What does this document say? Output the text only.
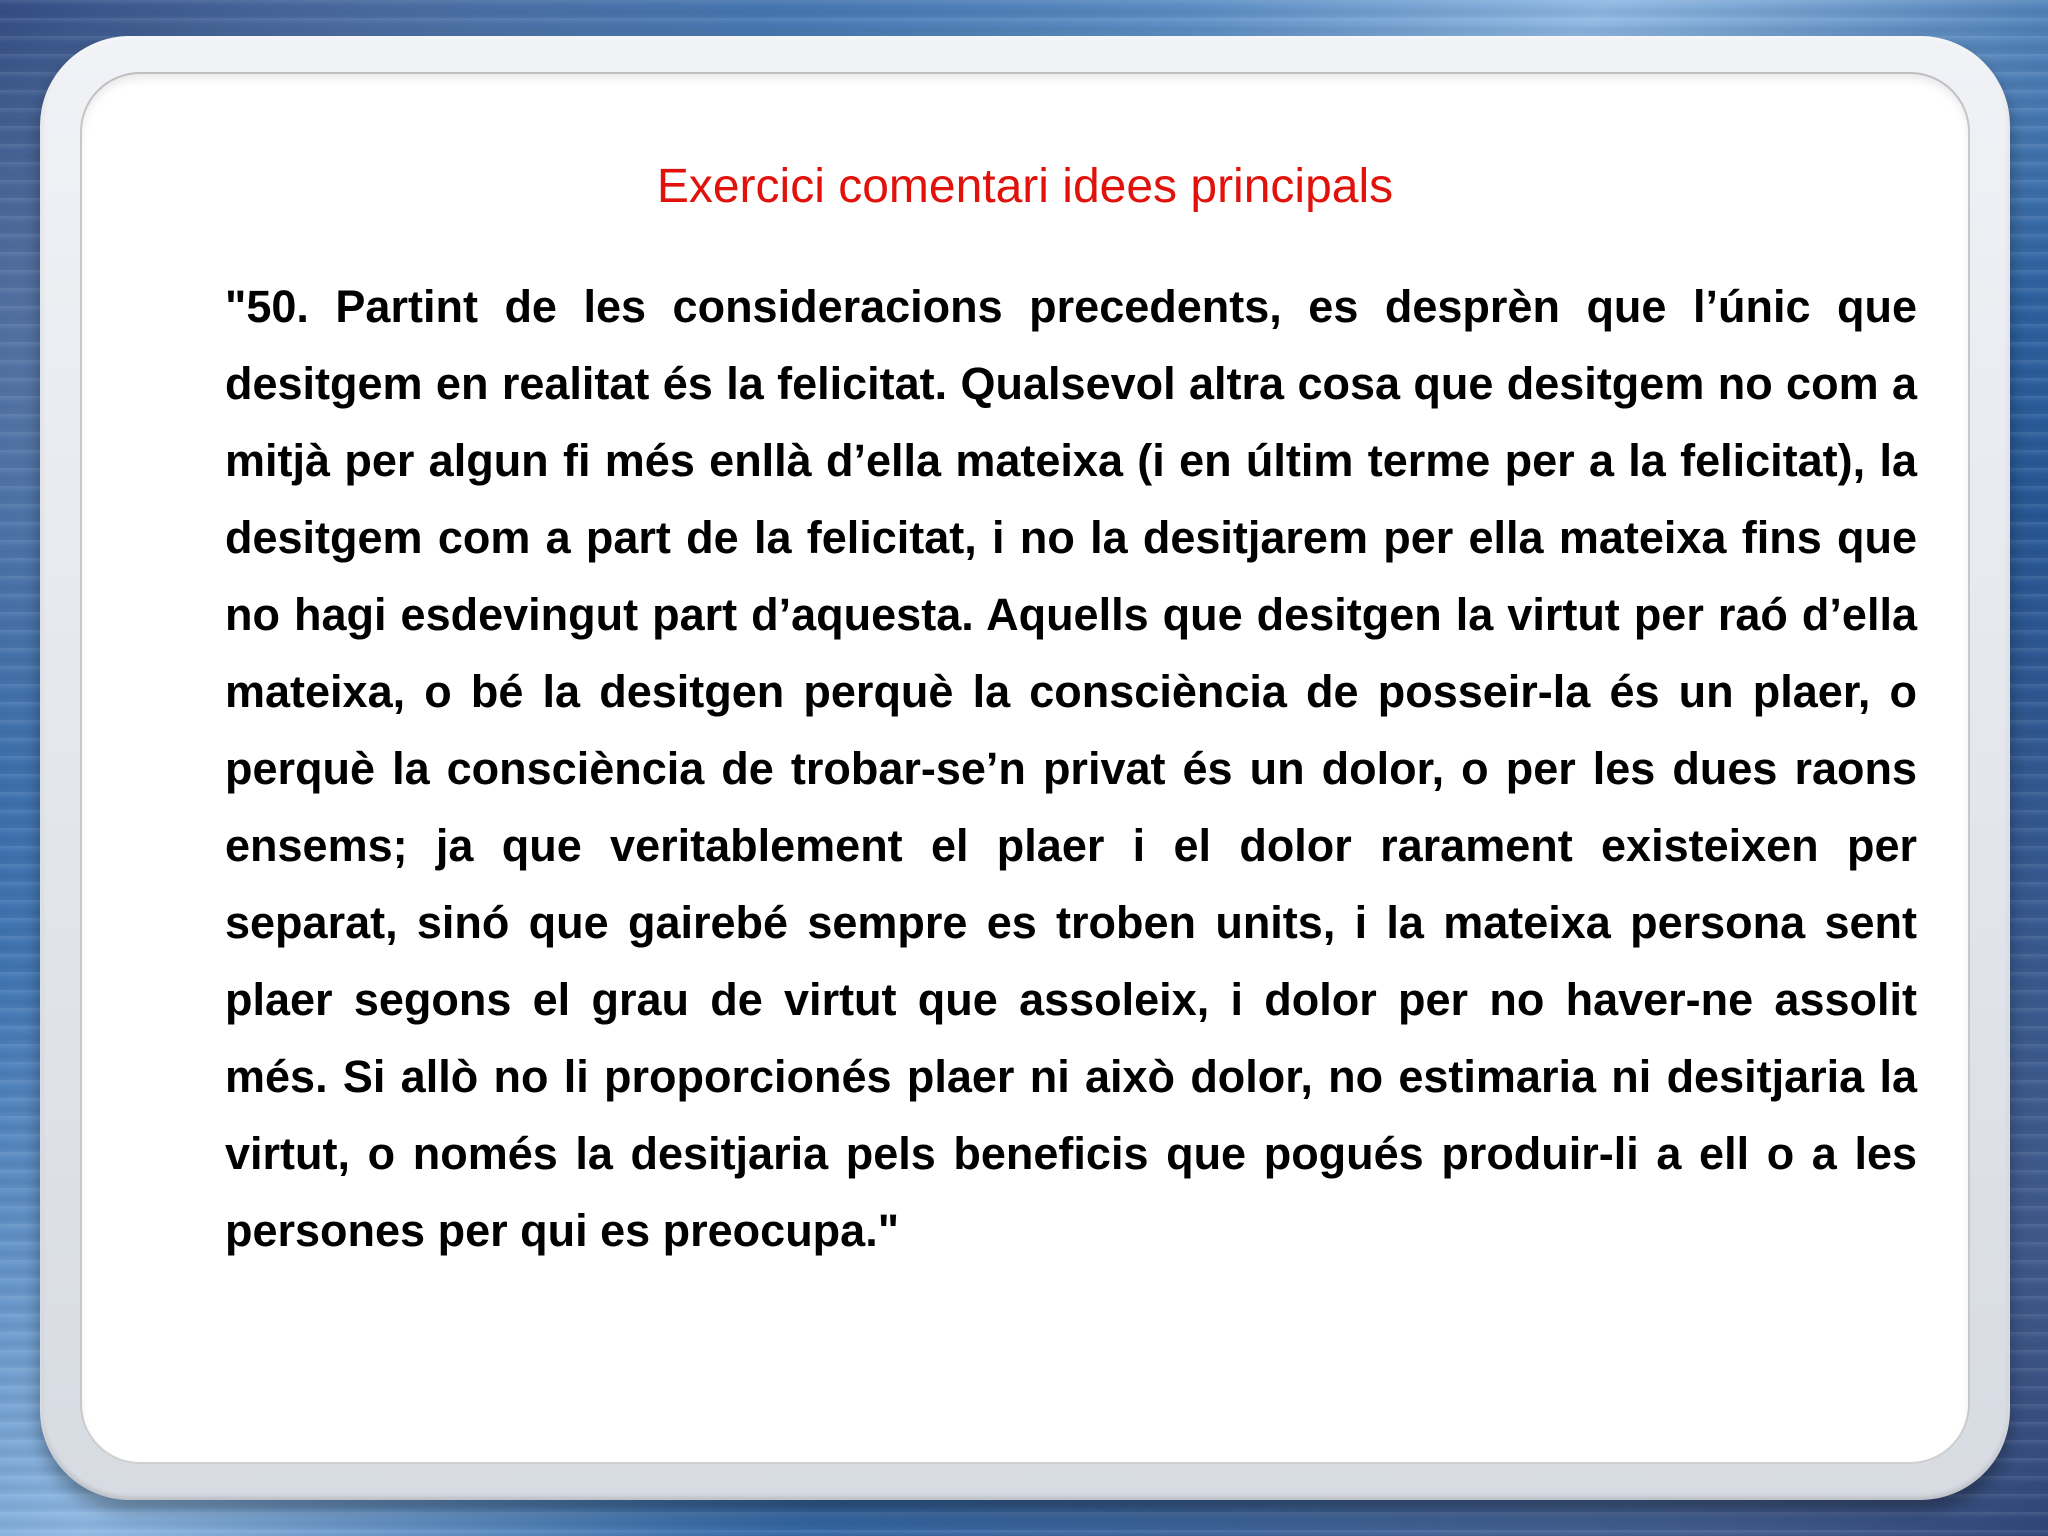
Exercici comentari idees principals

"50. Partint de les consideracions precedents, es desprèn que l’únic que desitgem en realitat és la felicitat. Qualsevol altra cosa que desitgem no com a mitjà per algun fi més enllà d’ella mateixa (i en últim terme per a la felicitat), la desitgem com a part de la felicitat, i no la desitjarem per ella mateixa fins que no hagi esdevingut part d’aquesta. Aquells que desitgen la virtut per raó d’ella mateixa, o bé la desitgen perquè la consciència de posseir-la és un plaer, o perquè la consciència de trobar-se’n privat és un dolor, o per les dues raons ensems; ja que veritablement el plaer i el dolor rarament existeixen per separat, sinó que gairebé sempre es troben units, i la mateixa persona sent plaer segons el grau de virtut que assoleix, i dolor per no haver-ne assolit més. Si allò no li proporcionés plaer ni això dolor, no estimaria ni desitjaria la virtut, o només la desitjaria pels beneficis que pogués produir-li a ell o a les persones per qui es preocupa."
